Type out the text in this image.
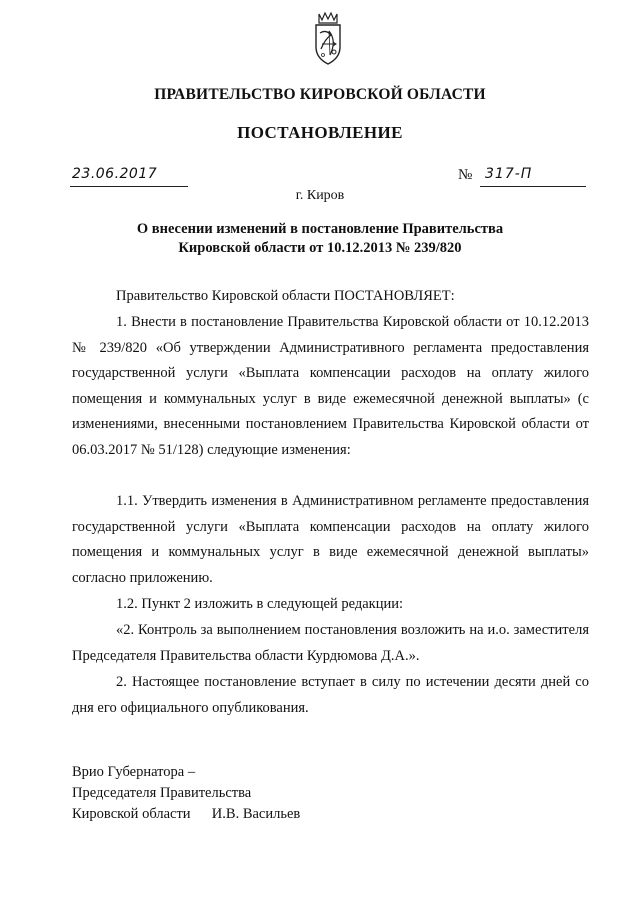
ПРАВИТЕЛЬСТВО КИРОВСКОЙ ОБЛАСТИ
ПОСТАНОВЛЕНИЕ
23.06.2017	№ 317-П
г. Киров
О внесении изменений в постановление Правительства
Кировской области от 10.12.2013 № 239/820
Правительство Кировской области ПОСТАНОВЛЯЕТ:
1. Внести в постановление Правительства Кировской области от 10.12.2013 № 239/820 «Об утверждении Административного регламента предоставления государственной услуги «Выплата компенсации расходов на оплату жилого помещения и коммунальных услуг в виде ежемесячной денежной выплаты» (с изменениями, внесенными постановлением Правительства Кировской области от 06.03.2017 № 51/128) следующие изменения:
1.1. Утвердить изменения в Административном регламенте предоставления государственной услуги «Выплата компенсации расходов на оплату жилого помещения и коммунальных услуг в виде ежемесячной денежной выплаты» согласно приложению.
1.2. Пункт 2 изложить в следующей редакции:
«2. Контроль за выполнением постановления возложить на и.о. заместителя Председателя Правительства области Курдюмова Д.А.».
2. Настоящее постановление вступает в силу по истечении десяти дней со дня его официального опубликования.
Врио Губернатора –
Председателя Правительства
Кировской области И.В. Васильев
